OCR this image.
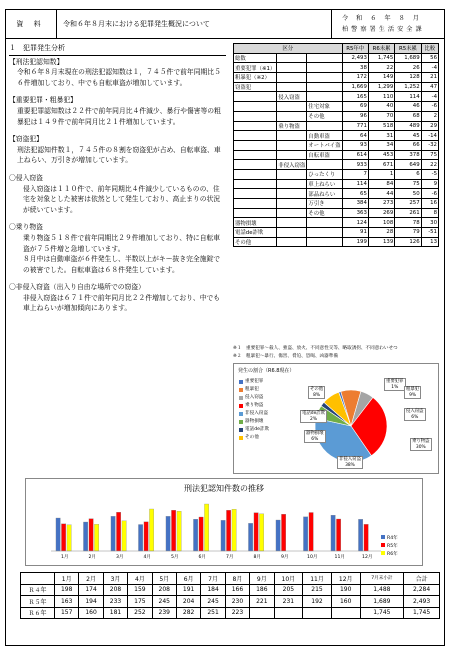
資 料	令和６年８月末における犯罪発生概況について
令 和 ６ 年 ８ 月
柏警察署生活安全課
１　犯罪発生分析

【刑法犯認知数】

令和６年８月末現在の刑法犯認知数は１，７４５件で前年同期比５６件増加しており、中でも自転車盗が増加しています。

【重要犯罪・粗暴犯】

重要犯罪認知数は２２件で前年同月比４件減少、暴行や傷害等の粗暴犯は１４９件で前年同月比２１件増加しています。

【窃盗犯】

刑法犯認知件数１，７４５件の８割を窃盗犯が占め、自転車盗、車上ねらい、万引きが増加しています。

〇侵入窃盗

侵入窃盗は１１０件で、前年同期比４件減少しているものの、住宅を対象とした被害は依然として発生しており、高止まりの状況が続いています。

〇乗り物盗

乗り物盗５１８件で前年同期比２９件増加しており、特に自転車盗が７５件増と急増しています。

８月中は自動車盗が６件発生し、半数以上がキー抜き完全施錠での被害でした。自転車盗は６８件発生しています。

〇非侵入窃盗（出入り自由な場所での窃盗）

非侵入窃盗は６７１件で前年同月比２２件増加しており、中でも車上ねらいが増加傾向にあります。

区分			R5年中	R6未累	R5未累	比較
総数			2,493	1,745	1,689	56
重要犯罪（※1）			38	22	26	-4
粗暴犯（※2）			172	149	128	21
窃盗犯			1,669	1,299	1,252	47
	侵入窃盗		165	110	114	-4
		住宅対象	69	40	46	-6
		その他	96	70	68	2
	乗り物盗		771	518	489	29
		自動車盗	64	31	45	-14
		オートバイ盗	93	34	66	-32
		自転車盗	614	453	378	75
	非侵入窃盗		933	671	649	22
		ひったくり	7	1	6	-5
		車上ねらい	114	84	75	9
		部品ねらい	65	44	50	-6
		万引き	384	273	257	16
		その他	363	269	261	8
器物損壊			124	108	78	30
電話de詐欺			91	28	79	-51
その他			199	139	126	13
※１　重要犯罪～殺人、強盗、放火、不同意性交等、略取誘拐、不同意わいせつ
※２　粗暴犯～暴行、傷害、脅迫、恐喝、凶器準備
発生の割合（R6.8現在）
重要犯罪
粗暴犯
侵入窃盗
乗り物盗
非侵入窃盗
器物損壊
電話de詐欺
その他
重要犯罪
1%	粗暴犯
9%
侵入窃盗
6%
乗り物盗
30%
非侵入窃盗
38%
器物損壊
6%
電話de詐欺
2%
その他
8%
刑法犯認知件数の推移
1月	2月	3月	4月	5月	6月	7月	8月	9月	10月	11月	12月
R4年
R5年
R6年
	1月	2月	3月	4月	5月	6月	7月	8月	9月	10月	11月	12月	7月末小計	合計
Ｒ４年	198	174	208	159	208	191	184	166	186	205	215	190	1,488	2,284
Ｒ５年	163	194	233	175	245	204	245	230	221	231	192	160	1,689	2,493
Ｒ６年	157	160	181	252	239	282	251	223					1,745	1,745
